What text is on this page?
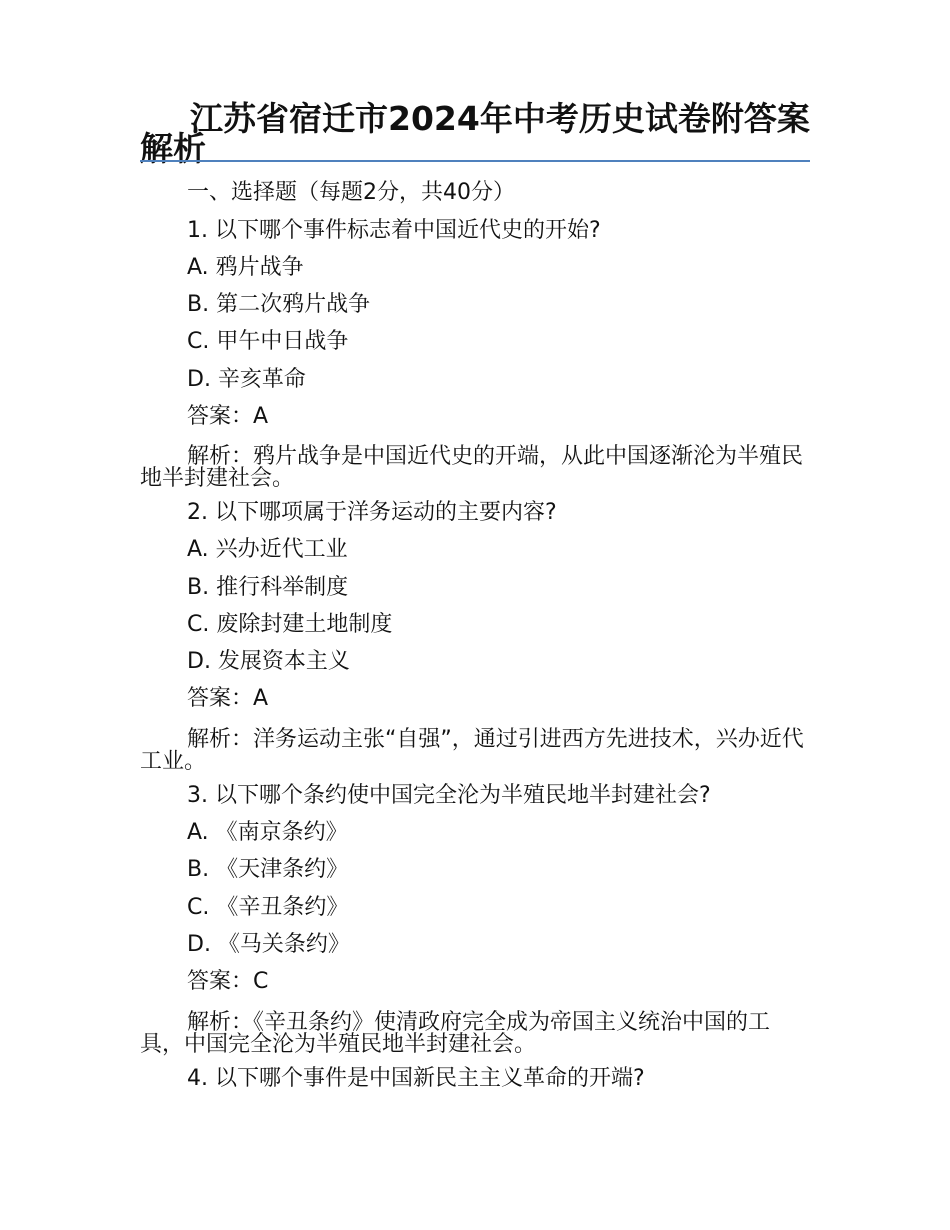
江苏省宿迁市2024年中考历史试卷附答案解析
一、选择题（每题2分，共40分）
1. 以下哪个事件标志着中国近代史的开始?
A. 鸦片战争
B. 第二次鸦片战争
C. 甲午中日战争
D. 辛亥革命
答案：A
解析：鸦片战争是中国近代史的开端，从此中国逐渐沦为半殖民地半封建社会。
2. 以下哪项属于洋务运动的主要内容?
A. 兴办近代工业
B. 推行科举制度
C. 废除封建土地制度
D. 发展资本主义
答案：A
解析：洋务运动主张“自强”，通过引进西方先进技术，兴办近代工业。
3. 以下哪个条约使中国完全沦为半殖民地半封建社会?
A. 《南京条约》
B. 《天津条约》
C. 《辛丑条约》
D. 《马关条约》
答案：C
解析：《辛丑条约》使清政府完全成为帝国主义统治中国的工具，中国完全沦为半殖民地半封建社会。
4. 以下哪个事件是中国新民主主义革命的开端?
